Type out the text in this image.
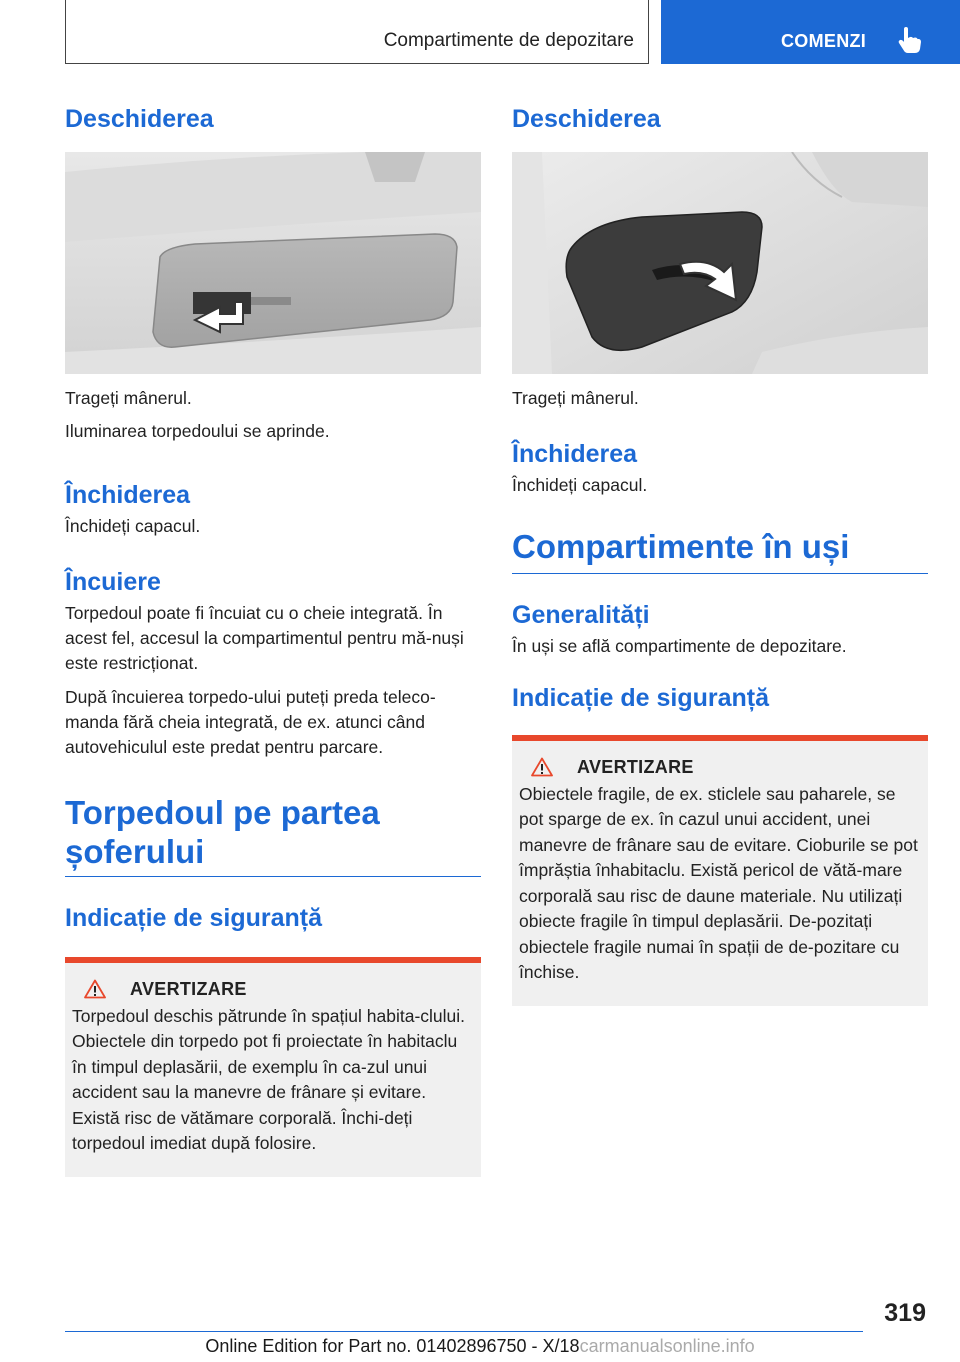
Compartimente de depozitare	COMENZI
Deschiderea

Trageți mânerul.

Iluminarea torpedoului se aprinde.

Închiderea

Închideți capacul.

Încuiere

Torpedoul poate fi încuiat cu o cheie integrată. În acest fel, accesul la compartimentul pentru mă-nuși este restricționat.

După încuierea torpedo-ului puteți preda teleco-manda fără cheia integrată, de ex. atunci când autovehiculul este predat pentru parcare.

Torpedoul pe partea
șoferului
Indicație de siguranță
AVERTIZARE

Torpedoul deschis pătrunde în spațiul habita-clului. Obiectele din torpedo pot fi proiectate în habitaclu în timpul deplasării, de exemplu în ca-zul unui accident sau la manevre de frânare și evitare. Există risc de vătămare corporală. Închi-deți torpedoul imediat după folosire.

Deschiderea

Trageți mânerul.

Închiderea

Închideți capacul.

Compartimente în uși
Generalități

În uși se află compartimente de depozitare.

Indicație de siguranță
AVERTIZARE

Obiectele fragile, de ex. sticlele sau paharele, se pot sparge de ex. în cazul unui accident, unei manevre de frânare sau de evitare. Cioburile se pot împrăștia înhabitaclu. Există pericol de vătă-mare corporală sau risc de daune materiale. Nu utilizați obiecte fragile în timpul deplasării. De-pozitați obiectele fragile numai în spații de de-pozitare cu închise.

319
Online Edition for Part no. 01402896750 - X/18carmanualsonline.info
